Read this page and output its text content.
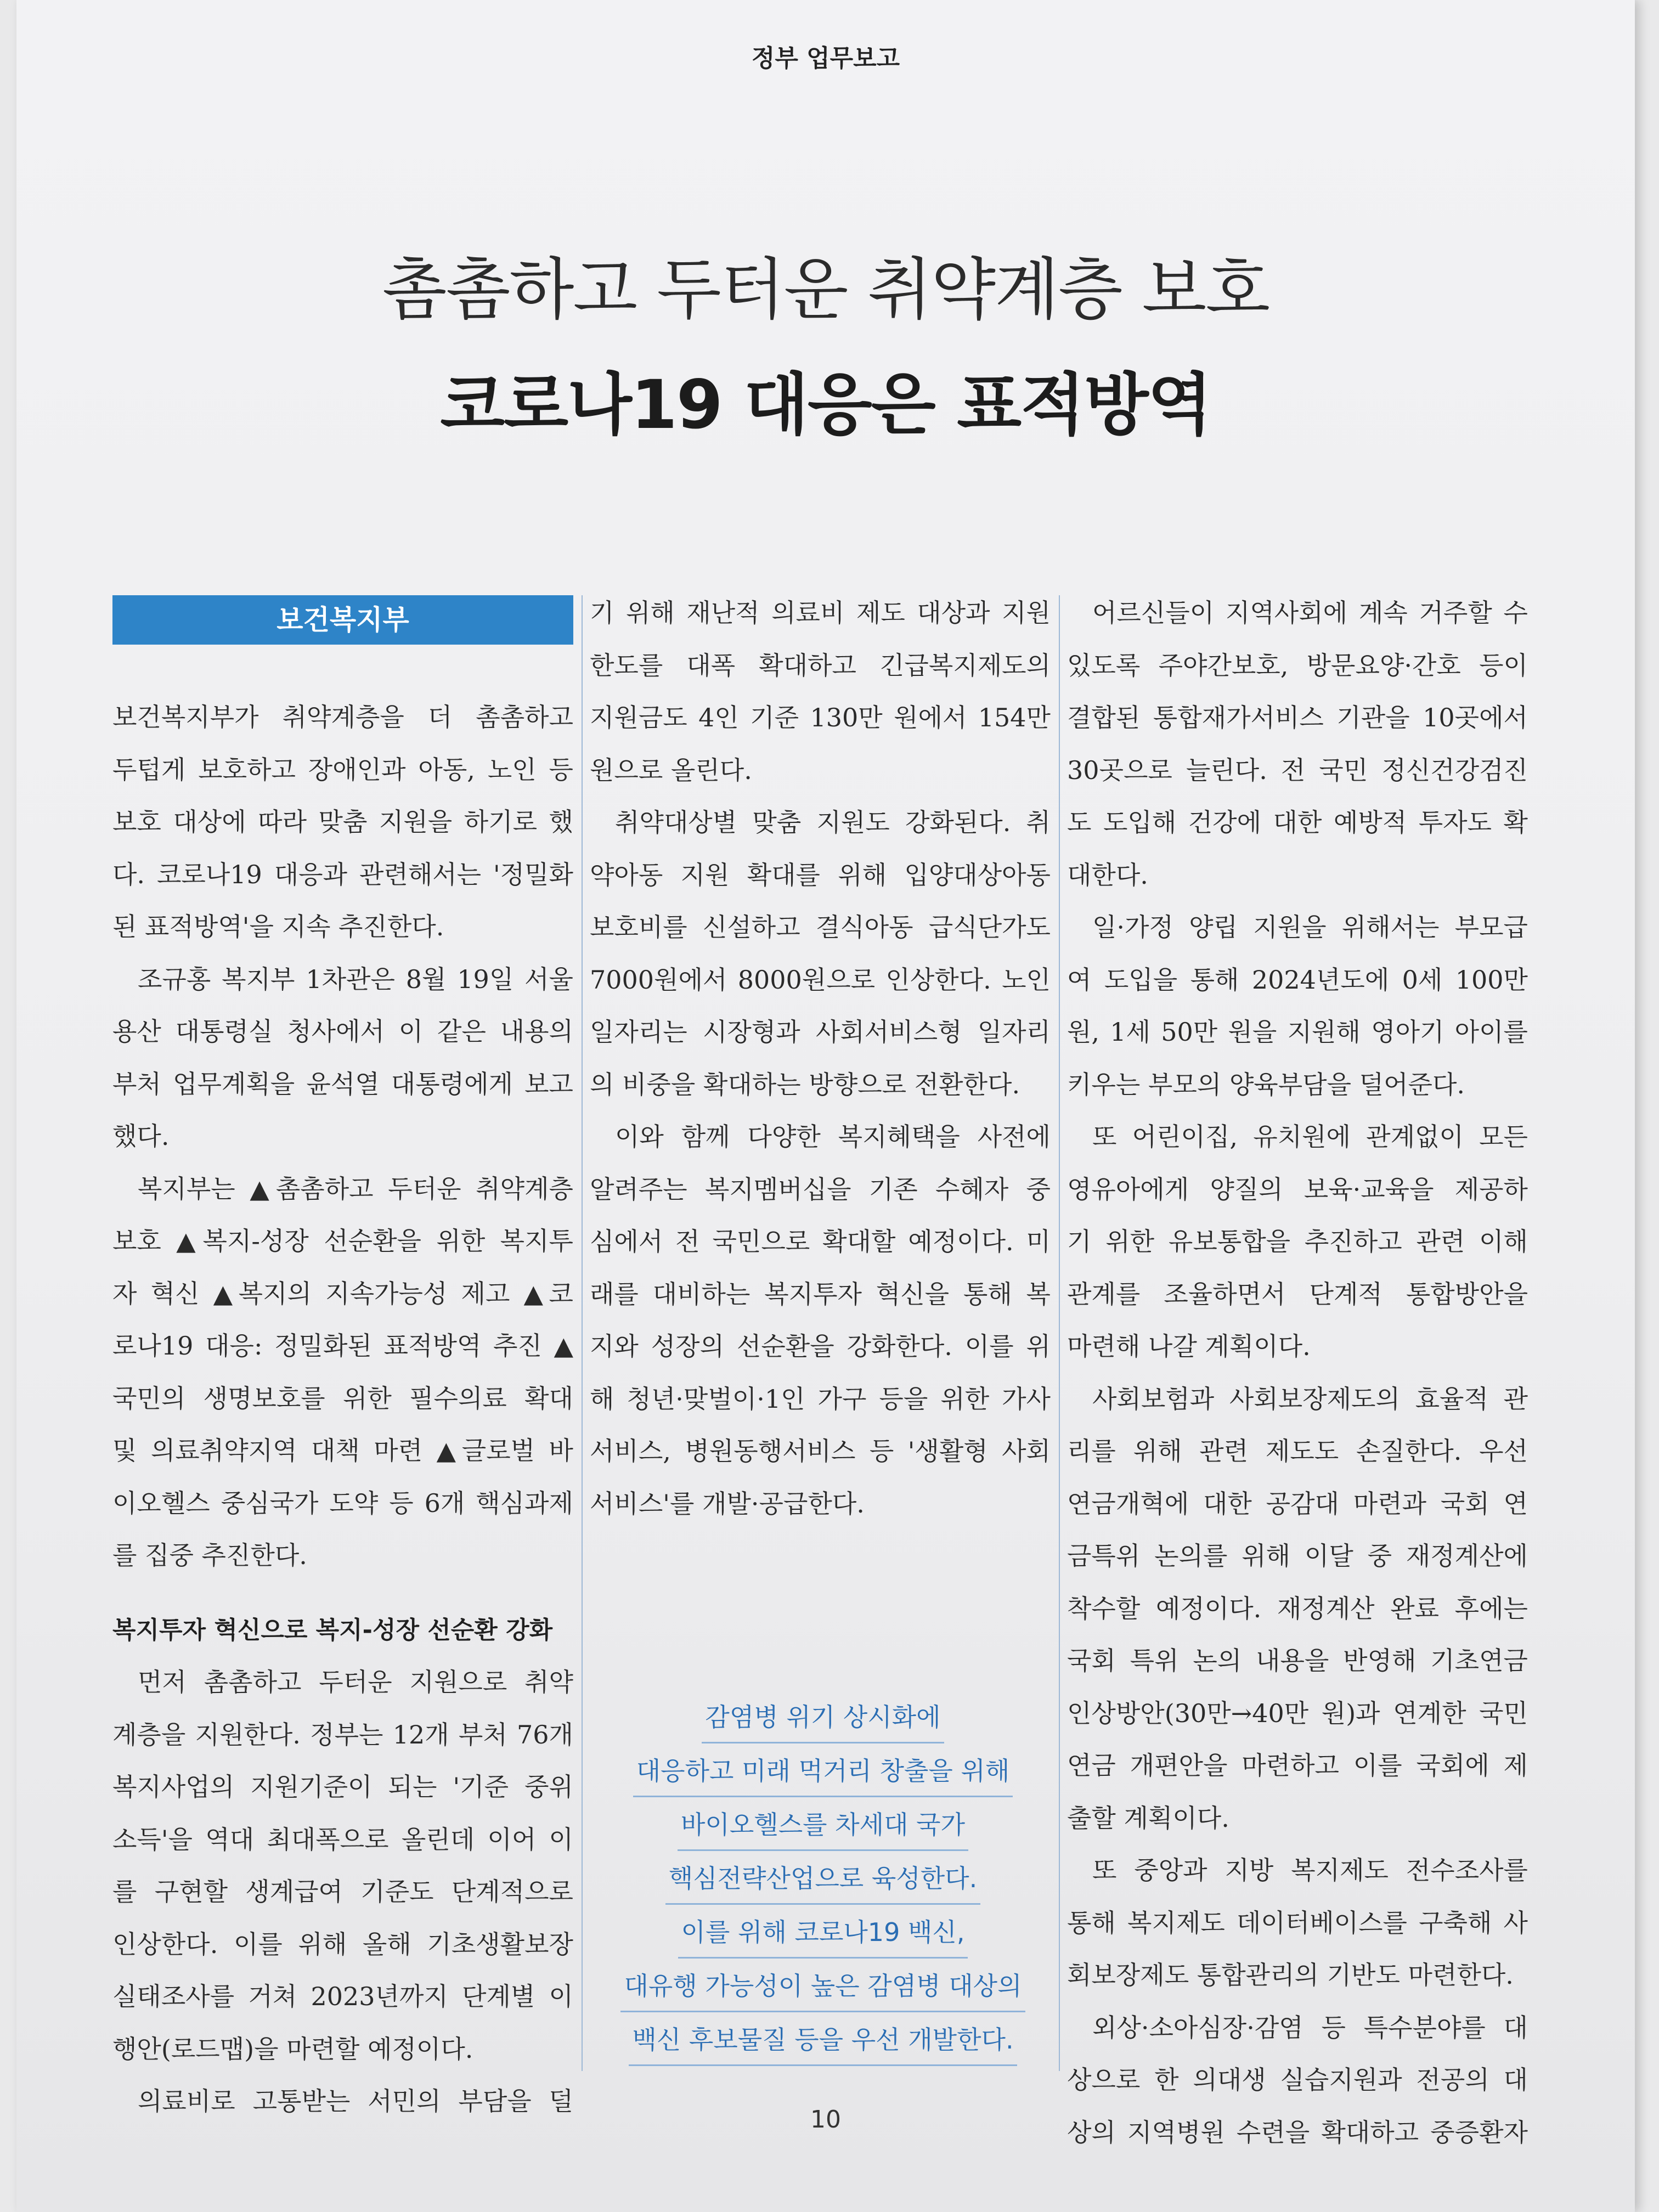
정부 업무보고
촘촘하고 두터운 취약계층 보호
코로나19 대응은 표적방역
보건복지부
보건복지부가 취약계층을 더 촘촘하고
두텁게 보호하고 장애인과 아동, 노인 등
보호 대상에 따라 맞춤 지원을 하기로 했
다. 코로나19 대응과 관련해서는 '정밀화
된 표적방역'을 지속 추진한다.
조규홍 복지부 1차관은 8월 19일 서울
용산 대통령실 청사에서 이 같은 내용의
부처 업무계획을 윤석열 대통령에게 보고
했다.
복지부는 ▲촘촘하고 두터운 취약계층
보호 ▲복지-성장 선순환을 위한 복지투
자 혁신 ▲복지의 지속가능성 제고 ▲코
로나19 대응: 정밀화된 표적방역 추진 ▲
국민의 생명보호를 위한 필수의료 확대
및 의료취약지역 대책 마련 ▲글로벌 바
이오헬스 중심국가 도약 등 6개 핵심과제
를 집중 추진한다.
복지투자 혁신으로 복지-성장 선순환 강화
먼저 촘촘하고 두터운 지원으로 취약
계층을 지원한다. 정부는 12개 부처 76개
복지사업의 지원기준이 되는 '기준 중위
소득'을 역대 최대폭으로 올린데 이어 이
를 구현할 생계급여 기준도 단계적으로
인상한다. 이를 위해 올해 기초생활보장
실태조사를 거쳐 2023년까지 단계별 이
행안(로드맵)을 마련할 예정이다.
의료비로 고통받는 서민의 부담을 덜
기 위해 재난적 의료비 제도 대상과 지원
한도를 대폭 확대하고 긴급복지제도의
지원금도 4인 기준 130만 원에서 154만
원으로 올린다.
취약대상별 맞춤 지원도 강화된다. 취
약아동 지원 확대를 위해 입양대상아동
보호비를 신설하고 결식아동 급식단가도
7000원에서 8000원으로 인상한다. 노인
일자리는 시장형과 사회서비스형 일자리
의 비중을 확대하는 방향으로 전환한다.
이와 함께 다양한 복지혜택을 사전에
알려주는 복지멤버십을 기존 수혜자 중
심에서 전 국민으로 확대할 예정이다. 미
래를 대비하는 복지투자 혁신을 통해 복
지와 성장의 선순환을 강화한다. 이를 위
해 청년·맞벌이·1인 가구 등을 위한 가사
서비스, 병원동행서비스 등 '생활형 사회
서비스'를 개발·공급한다.
감염병 위기 상시화에
대응하고 미래 먹거리 창출을 위해
바이오헬스를 차세대 국가
핵심전략산업으로 육성한다.
이를 위해 코로나19 백신,
대유행 가능성이 높은 감염병 대상의
백신 후보물질 등을 우선 개발한다.
어르신들이 지역사회에 계속 거주할 수
있도록 주야간보호, 방문요양·간호 등이
결합된 통합재가서비스 기관을 10곳에서
30곳으로 늘린다. 전 국민 정신건강검진
도 도입해 건강에 대한 예방적 투자도 확
대한다.
일·가정 양립 지원을 위해서는 부모급
여 도입을 통해 2024년도에 0세 100만
원, 1세 50만 원을 지원해 영아기 아이를
키우는 부모의 양육부담을 덜어준다.
또 어린이집, 유치원에 관계없이 모든
영유아에게 양질의 보육·교육을 제공하
기 위한 유보통합을 추진하고 관련 이해
관계를 조율하면서 단계적 통합방안을
마련해 나갈 계획이다.
사회보험과 사회보장제도의 효율적 관
리를 위해 관련 제도도 손질한다. 우선
연금개혁에 대한 공감대 마련과 국회 연
금특위 논의를 위해 이달 중 재정계산에
착수할 예정이다. 재정계산 완료 후에는
국회 특위 논의 내용을 반영해 기초연금
인상방안(30만→40만 원)과 연계한 국민
연금 개편안을 마련하고 이를 국회에 제
출할 계획이다.
또 중앙과 지방 복지제도 전수조사를
통해 복지제도 데이터베이스를 구축해 사
회보장제도 통합관리의 기반도 마련한다.
외상·소아심장·감염 등 특수분야를 대
상으로 한 의대생 실습지원과 전공의 대
상의 지역병원 수련을 확대하고 중증환자
10
